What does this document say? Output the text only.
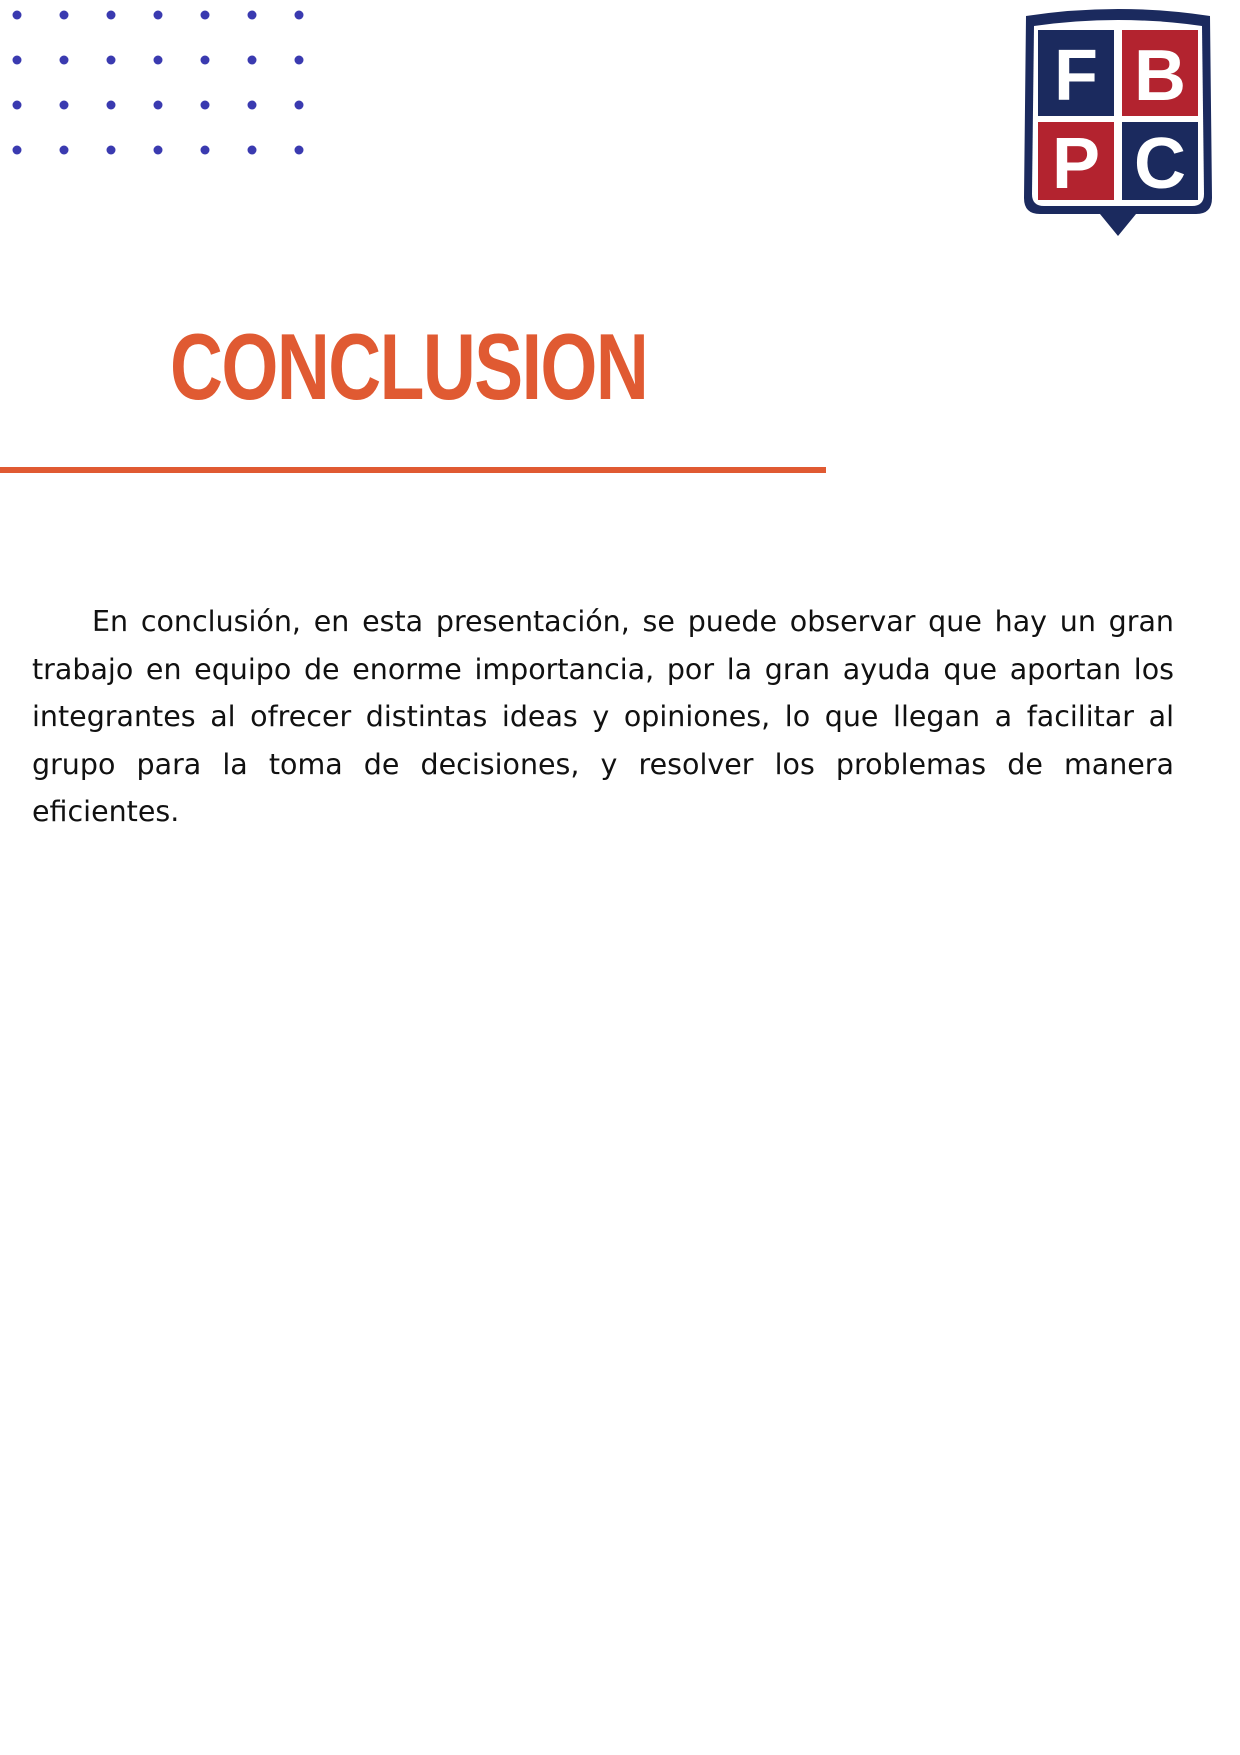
F B
P C
CONCLUSION

En conclusión, en esta presentación, se puede observar que hay un gran trabajo en equipo de enorme importancia, por la gran ayuda que aportan los integrantes al ofrecer distintas ideas y opiniones, lo que llegan a facilitar al grupo para la toma de decisiones, y resolver los problemas de manera eficientes.
